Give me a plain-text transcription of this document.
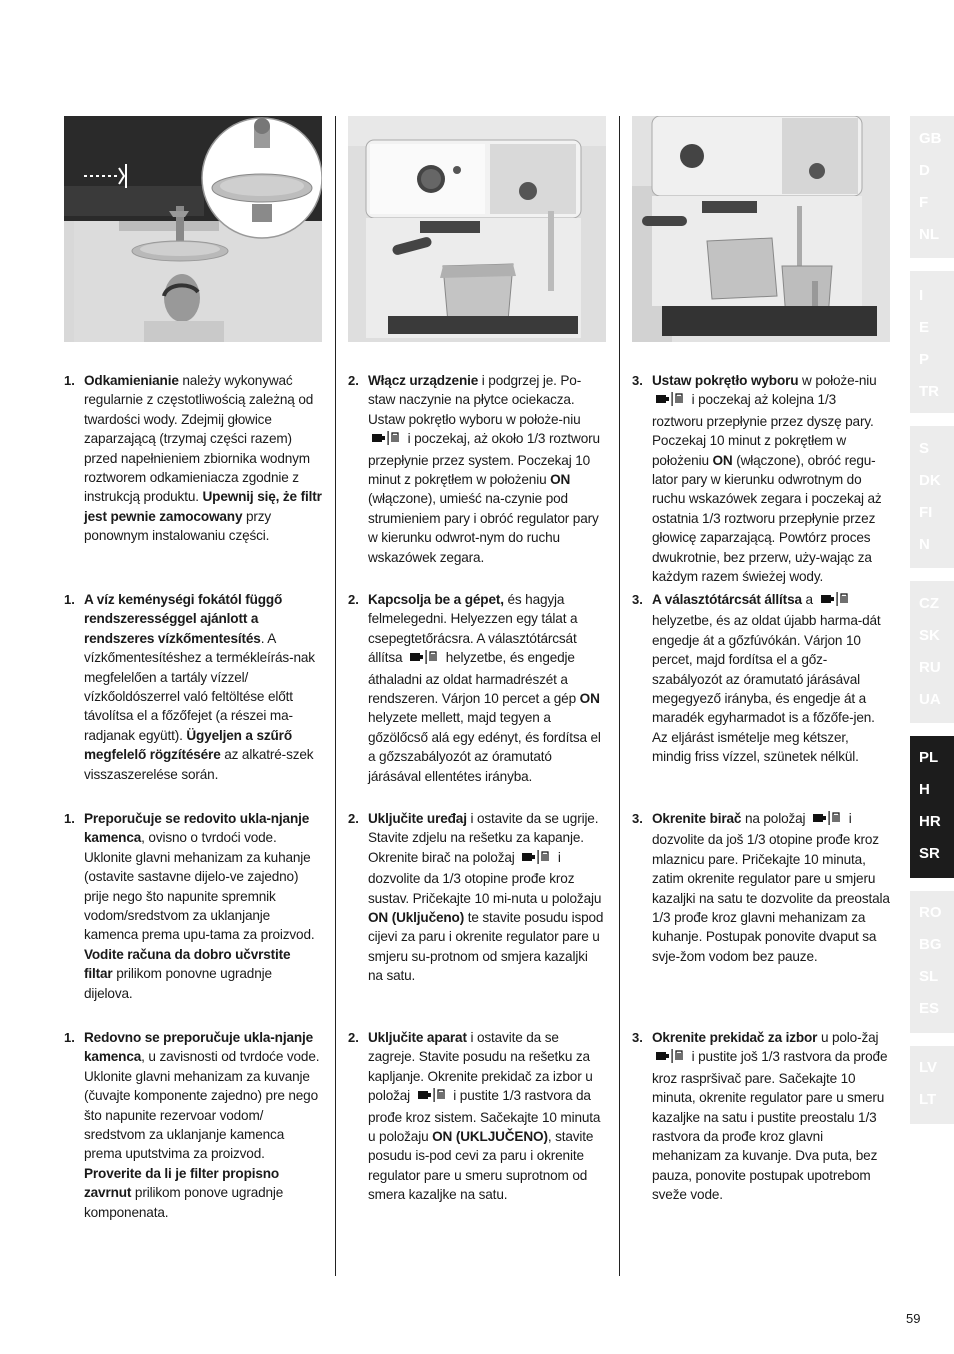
1. Odkamienianie należy wykonywać regularnie z częstotliwością zależną od twardości wody. Zdejmij głowice zaparzającą (trzymaj części razem) przed napełnieniem zbiornika wodnym roztworem odkamieniacza zgodnie z instrukcją produktu. Upewnij się, że filtr jest pewnie zamocowany przy ponownym instalowaniu części.
1. A víz keménységi fokától függő rendszerességgel ajánlott a rendszeres vízkőmentesítés. A vízkőmentesítéshez a termékleírás-nak megfelelően a tartály vízzel/ vízkőoldószerrel való feltöltése előtt távolítsa el a főzőfejet (a részei ma-radjanak együtt). Ügyeljen a szűrő megfelelő rögzítésére az alkatré-szek visszaszerelése során.
1. Preporučuje se redovito ukla-njanje kamenca, ovisno o tvrdoći vode. Uklonite glavni mehanizam za kuhanje (ostavite sastavne dijelo-ve zajedno) prije nego što napunite spremnik vodom/sredstvom za uklanjanje kamenca prema upu-tama za proizvod. Vodite računa da dobro učvrstite filtar prilikom ponovne ugradnje dijelova.
1. Redovno se preporučuje ukla-njanje kamenca, u zavisnosti od tvrdoće vode. Uklonite glavni mehanizam za kuvanje (čuvajte komponente zajedno) pre nego što napunite rezervoar vodom/ sredstvom za uklanjanje kamenca prema uputstvima za proizvod. Proverite da li je filter propisno zavrnut prilikom ponove ugradnje komponenata.
2. Włącz urządzenie i podgrzej je. Po-staw naczynie na płytce ociekacza. Ustaw pokrętło wyboru w położe-niu  i poczekaj, aż około 1/3 roztworu przepłynie przez system. Poczekaj 10 minut z pokrętłem w położeniu ON (włączone), umieść na-czynie pod strumieniem pary i obróć regulator pary w kierunku odwrot-nym do ruchu wskazówek zegara.
2. Kapcsolja be a gépet, és hagyja felmelegedni. Helyezzen egy tálat a csepegtetőrácsra. A választótárcsát állítsa	helyzetbe, és engedje áthaladni az oldat harmadrészét a rendszeren. Várjon 10 percet a gép ON helyzete mellett, majd tegyen a gőzölőcső alá egy edényt, és fordítsa el a gőzszabályozót az óramutató járásával ellentétes irányba.
2. Uključite uređaj i ostavite da se ugrije. Stavite zdjelu na rešetku za kapanje. Okrenite birač na položaj	i dozvolite da 1/3 otopine prođe kroz sustav. Pričekajte 10 mi-nuta u položaju ON (Uključeno) te stavite posudu ispod cijevi za paru i okrenite regulator pare u smjeru su-protnom od smjera kazaljki na satu.
2. Uključite aparat i ostavite da se zagreje. Stavite posudu na rešetku za kapljanje. Okrenite prekidač za izbor u položaj	i pustite 1/3 rastvora da prođe kroz sistem. Sačekajte 10 minuta u položaju ON (UKLJUČENO), stavite posudu is-pod cevi za paru i okrenite regulator pare u smeru suprotnom od smera kazaljke na satu.
3. Ustaw pokrętło wyboru w położe-niu  i poczekaj aż kolejna 1/3 roztworu przepłynie przez dyszę pary. Poczekaj 10 minut z pokrętłem w położeniu ON (włączone), obróć regu-lator pary w kierunku odwrotnym do ruchu wskazówek zegara i poczekaj aż ostatnia 1/3 roztworu przepłynie przez głowicę zaparzającą. Powtórz proces dwukrotnie, bez przerw, uży-wając za każdym razem świeżej wody.
3. A választótárcsát állítsa a  helyzetbe, és az oldat újabb harma-dát engedje át a gőzfúvókán. Várjon 10 percet, majd fordítsa el a gőz-szabályozót az óramutató járásával megegyező irányba, és engedje át a maradék egyharmadot is a főzőfe-jen. Az eljárást ismételje meg kétszer, mindig friss vízzel, szünetek nélkül.
3. Okrenite birač na položaj	i dozvolite da još 1/3 otopine prođe kroz mlaznicu pare. Pričekajte 10 minuta, zatim okrenite regulator pare u smjeru kazaljki na satu te dozvolite da preostala 1/3 prođe kroz glavni mehanizam za kuhanje. Postupak ponovite dvaput sa svje-žom vodom bez pauze.
3. Okrenite prekidač za izbor u polo-žaj  i pustite još 1/3 rastvora da prođe kroz raspršivač pare. Sačekajte 10 minuta, okrenite regulator pare u smeru kazaljke na satu i pustite preostalu 1/3 rastvora da prođe kroz glavni mehanizam za kuvanje. Dva puta, bez pauza, ponovite postupak upotrebom sveže vode.
GB
D
F
NL
I
E
P
TR
S
DK
FI
N
CZ
SK
RU
UA
PL
H
HR
SR
RO
BG
SL
ES
LV
LT
59
